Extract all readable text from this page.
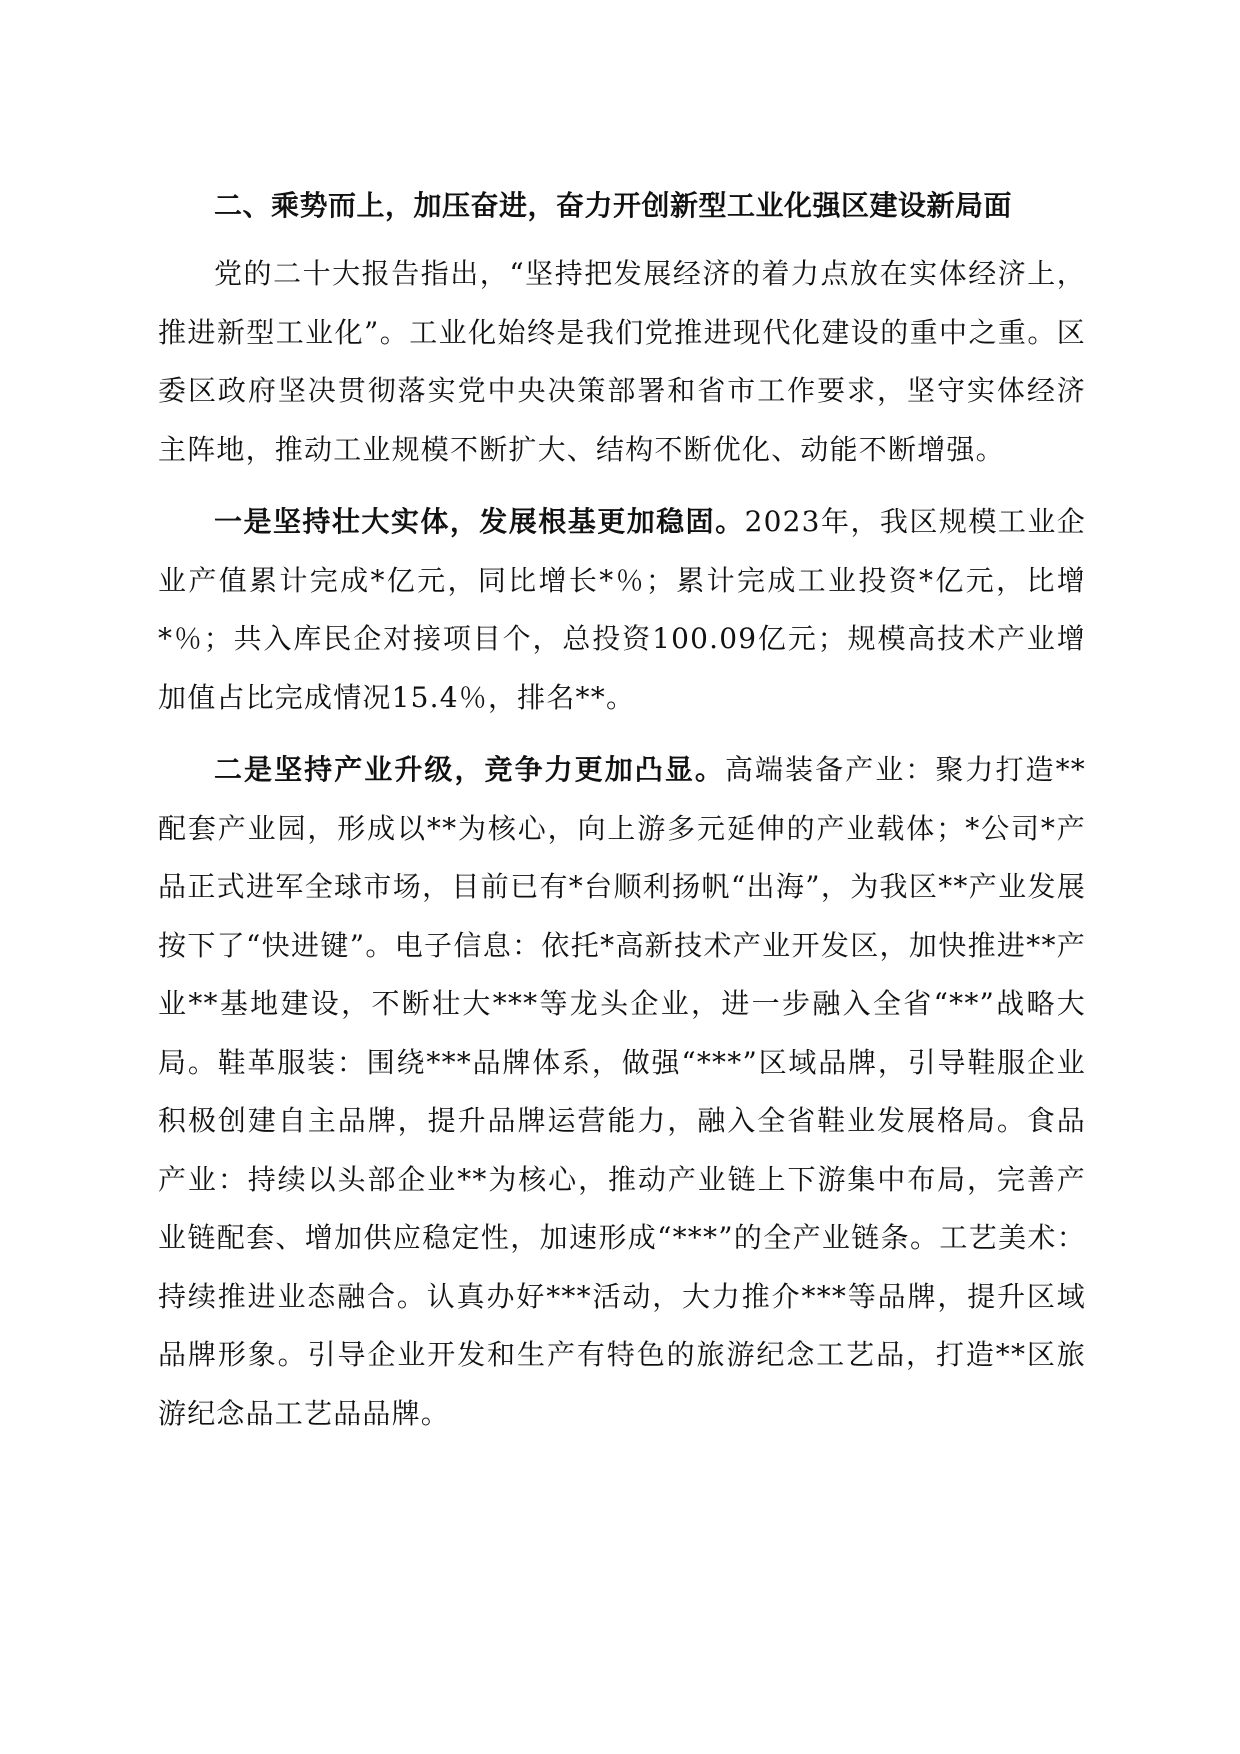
二、乘势而上，加压奋进，奋力开创新型工业化强区建设新局面

党的二十大报告指出，“坚持把发展经济的着力点放在实体经济上，推进新型工业化”。工业化始终是我们党推进现代化建设的重中之重。区委区政府坚决贯彻落实党中央决策部署和省市工作要求，坚守实体经济主阵地，推动工业规模不断扩大、结构不断优化、动能不断增强。

一是坚持壮大实体，发展根基更加稳固。2023年，我区规模工业企业产值累计完成*亿元，同比增长*％；累计完成工业投资*亿元，比增*％；共入库民企对接项目个，总投资100.09亿元；规模高技术产业增加值占比完成情况15.4％，排名**。

二是坚持产业升级，竞争力更加凸显。高端装备产业：聚力打造**配套产业园，形成以**为核心，向上游多元延伸的产业载体；*公司*产品正式进军全球市场，目前已有*台顺利扬帆“出海”，为我区**产业发展按下了“快进键”。电子信息：依托*高新技术产业开发区，加快推进**产业**基地建设，不断壮大***等龙头企业，进一步融入全省“**”战略大局。鞋革服装：围绕***品牌体系，做强“***”区域品牌，引导鞋服企业积极创建自主品牌，提升品牌运营能力，融入全省鞋业发展格局。食品产业：持续以头部企业**为核心，推动产业链上下游集中布局，完善产业链配套、增加供应稳定性，加速形成“***”的全产业链条。工艺美术：持续推进业态融合。认真办好***活动，大力推介***等品牌，提升区域品牌形象。引导企业开发和生产有特色的旅游纪念工艺品，打造**区旅游纪念品工艺品品牌。
